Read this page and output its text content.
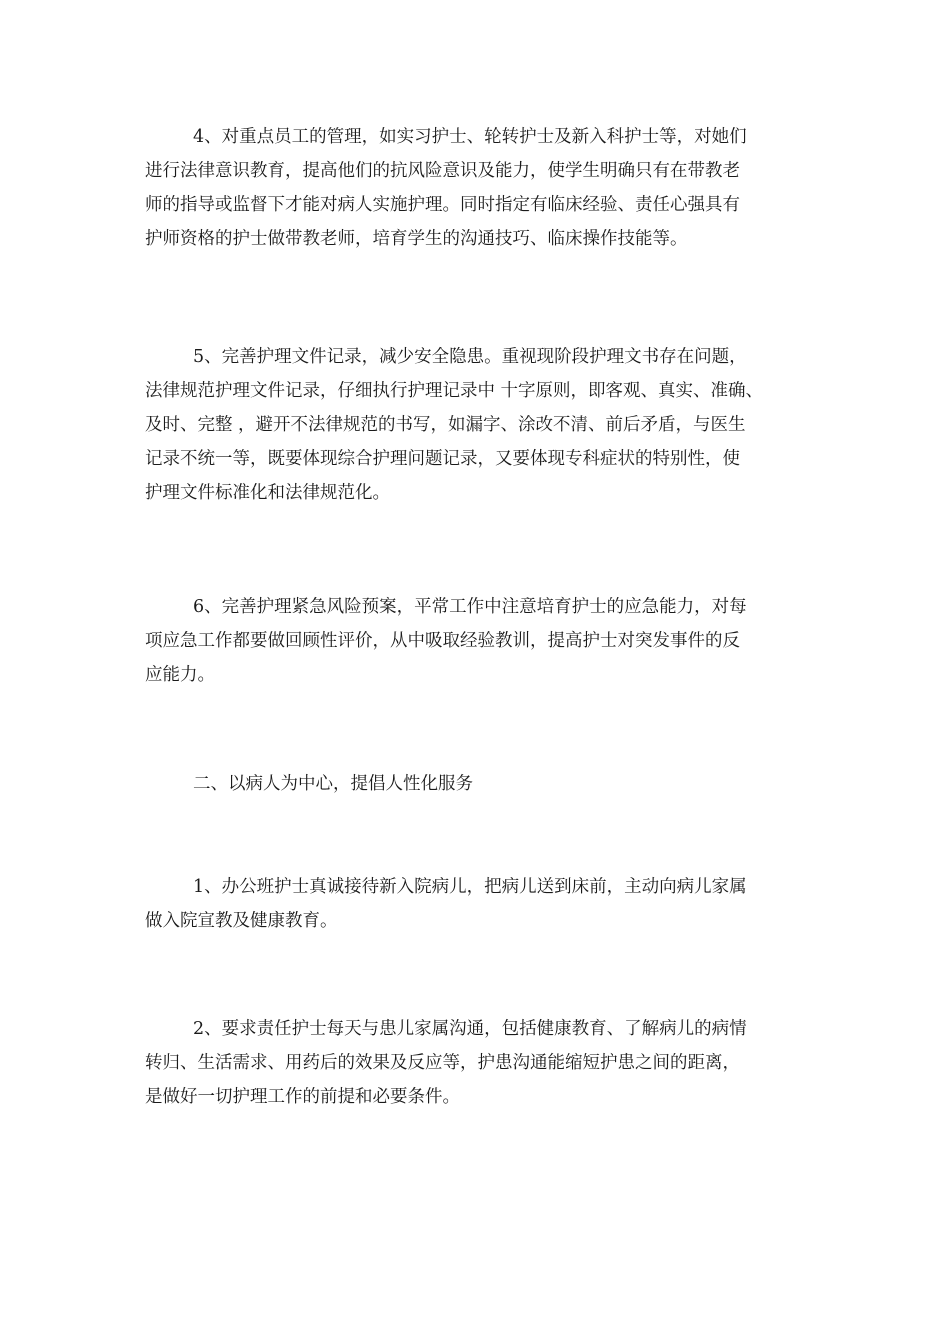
4、对重点员工的管理，如实习护士、轮转护士及新入科护士等，对她们
进行法律意识教育，提高他们的抗风险意识及能力，使学生明确只有在带教老
师的指导或监督下才能对病人实施护理。同时指定有临床经验、责任心强具有
护师资格的护士做带教老师，培育学生的沟通技巧、临床操作技能等。
5、完善护理文件记录，减少安全隐患。重视现阶段护理文书存在问题，
法律规范护理文件记录，仔细执行护理记录中 十字原则，即客观、真实、准确、
及时、完整 ，避开不法律规范的书写，如漏字、涂改不清、前后矛盾，与医生
记录不统一等，既要体现综合护理问题记录，又要体现专科症状的特别性，使
护理文件标准化和法律规范化。
6、完善护理紧急风险预案，平常工作中注意培育护士的应急能力，对每
项应急工作都要做回顾性评价，从中吸取经验教训，提高护士对突发事件的反
应能力。
二、以病人为中心，提倡人性化服务
1、办公班护士真诚接待新入院病儿，把病儿送到床前，主动向病儿家属
做入院宣教及健康教育。
2、要求责任护士每天与患儿家属沟通，包括健康教育、了解病儿的病情
转归、生活需求、用药后的效果及反应等，护患沟通能缩短护患之间的距离，
是做好一切护理工作的前提和必要条件。
